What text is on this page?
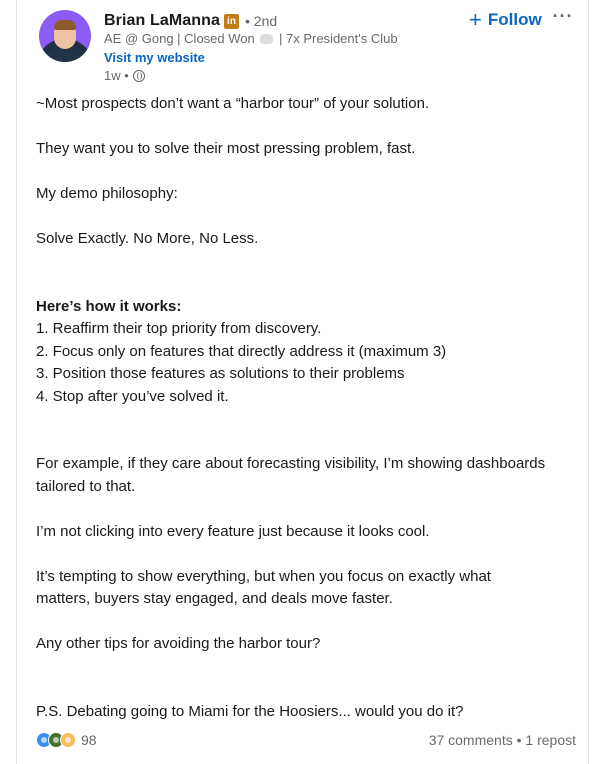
Brian LaManna in • 2nd
AE @ Gong | Closed Won | 7x President's Club
Visit my website
1w •
+ Follow ···
~Most prospects don’t want a “harbor tour” of your solution.
They want you to solve their most pressing problem, fast.
My demo philosophy:
Solve Exactly. No More, No Less.
Here’s how it works:
1. Reaffirm their top priority from discovery.
2. Focus only on features that directly address it (maximum 3)
3. Position those features as solutions to their problems
4. Stop after you’ve solved it.
For example, if they care about forecasting visibility, I’m showing dashboards
tailored to that.
I’m not clicking into every feature just because it looks cool.
It’s tempting to show everything, but when you focus on exactly what
matters, buyers stay engaged, and deals move faster.
Any other tips for avoiding the harbor tour?
P.S. Debating going to Miami for the Hoosiers... would you do it?
98	37 comments • 1 repost
